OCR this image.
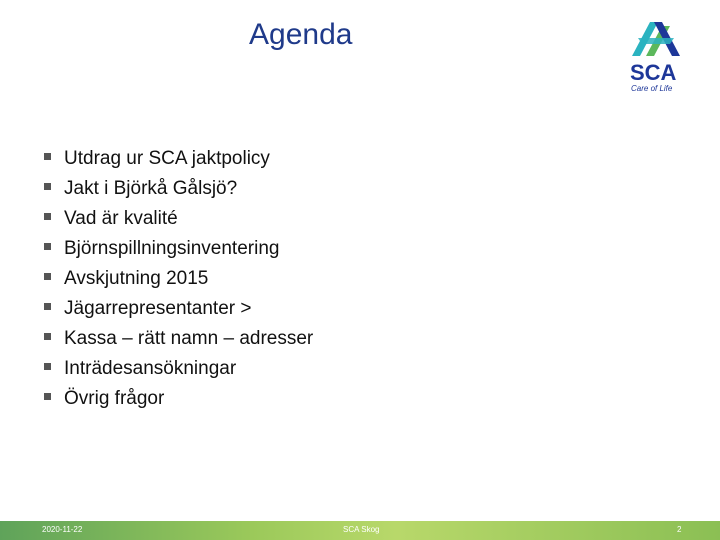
Agenda
SCA
Care of Life
Utdrag ur SCA jaktpolicy
Jakt i Björkå Gålsjö?
Vad är kvalité
Björnspillningsinventering
Avskjutning 2015
Jägarrepresentanter >
Kassa – rätt namn – adresser
Inträdesansökningar
Övrig frågor
2020-11-22	SCA Skog	2
